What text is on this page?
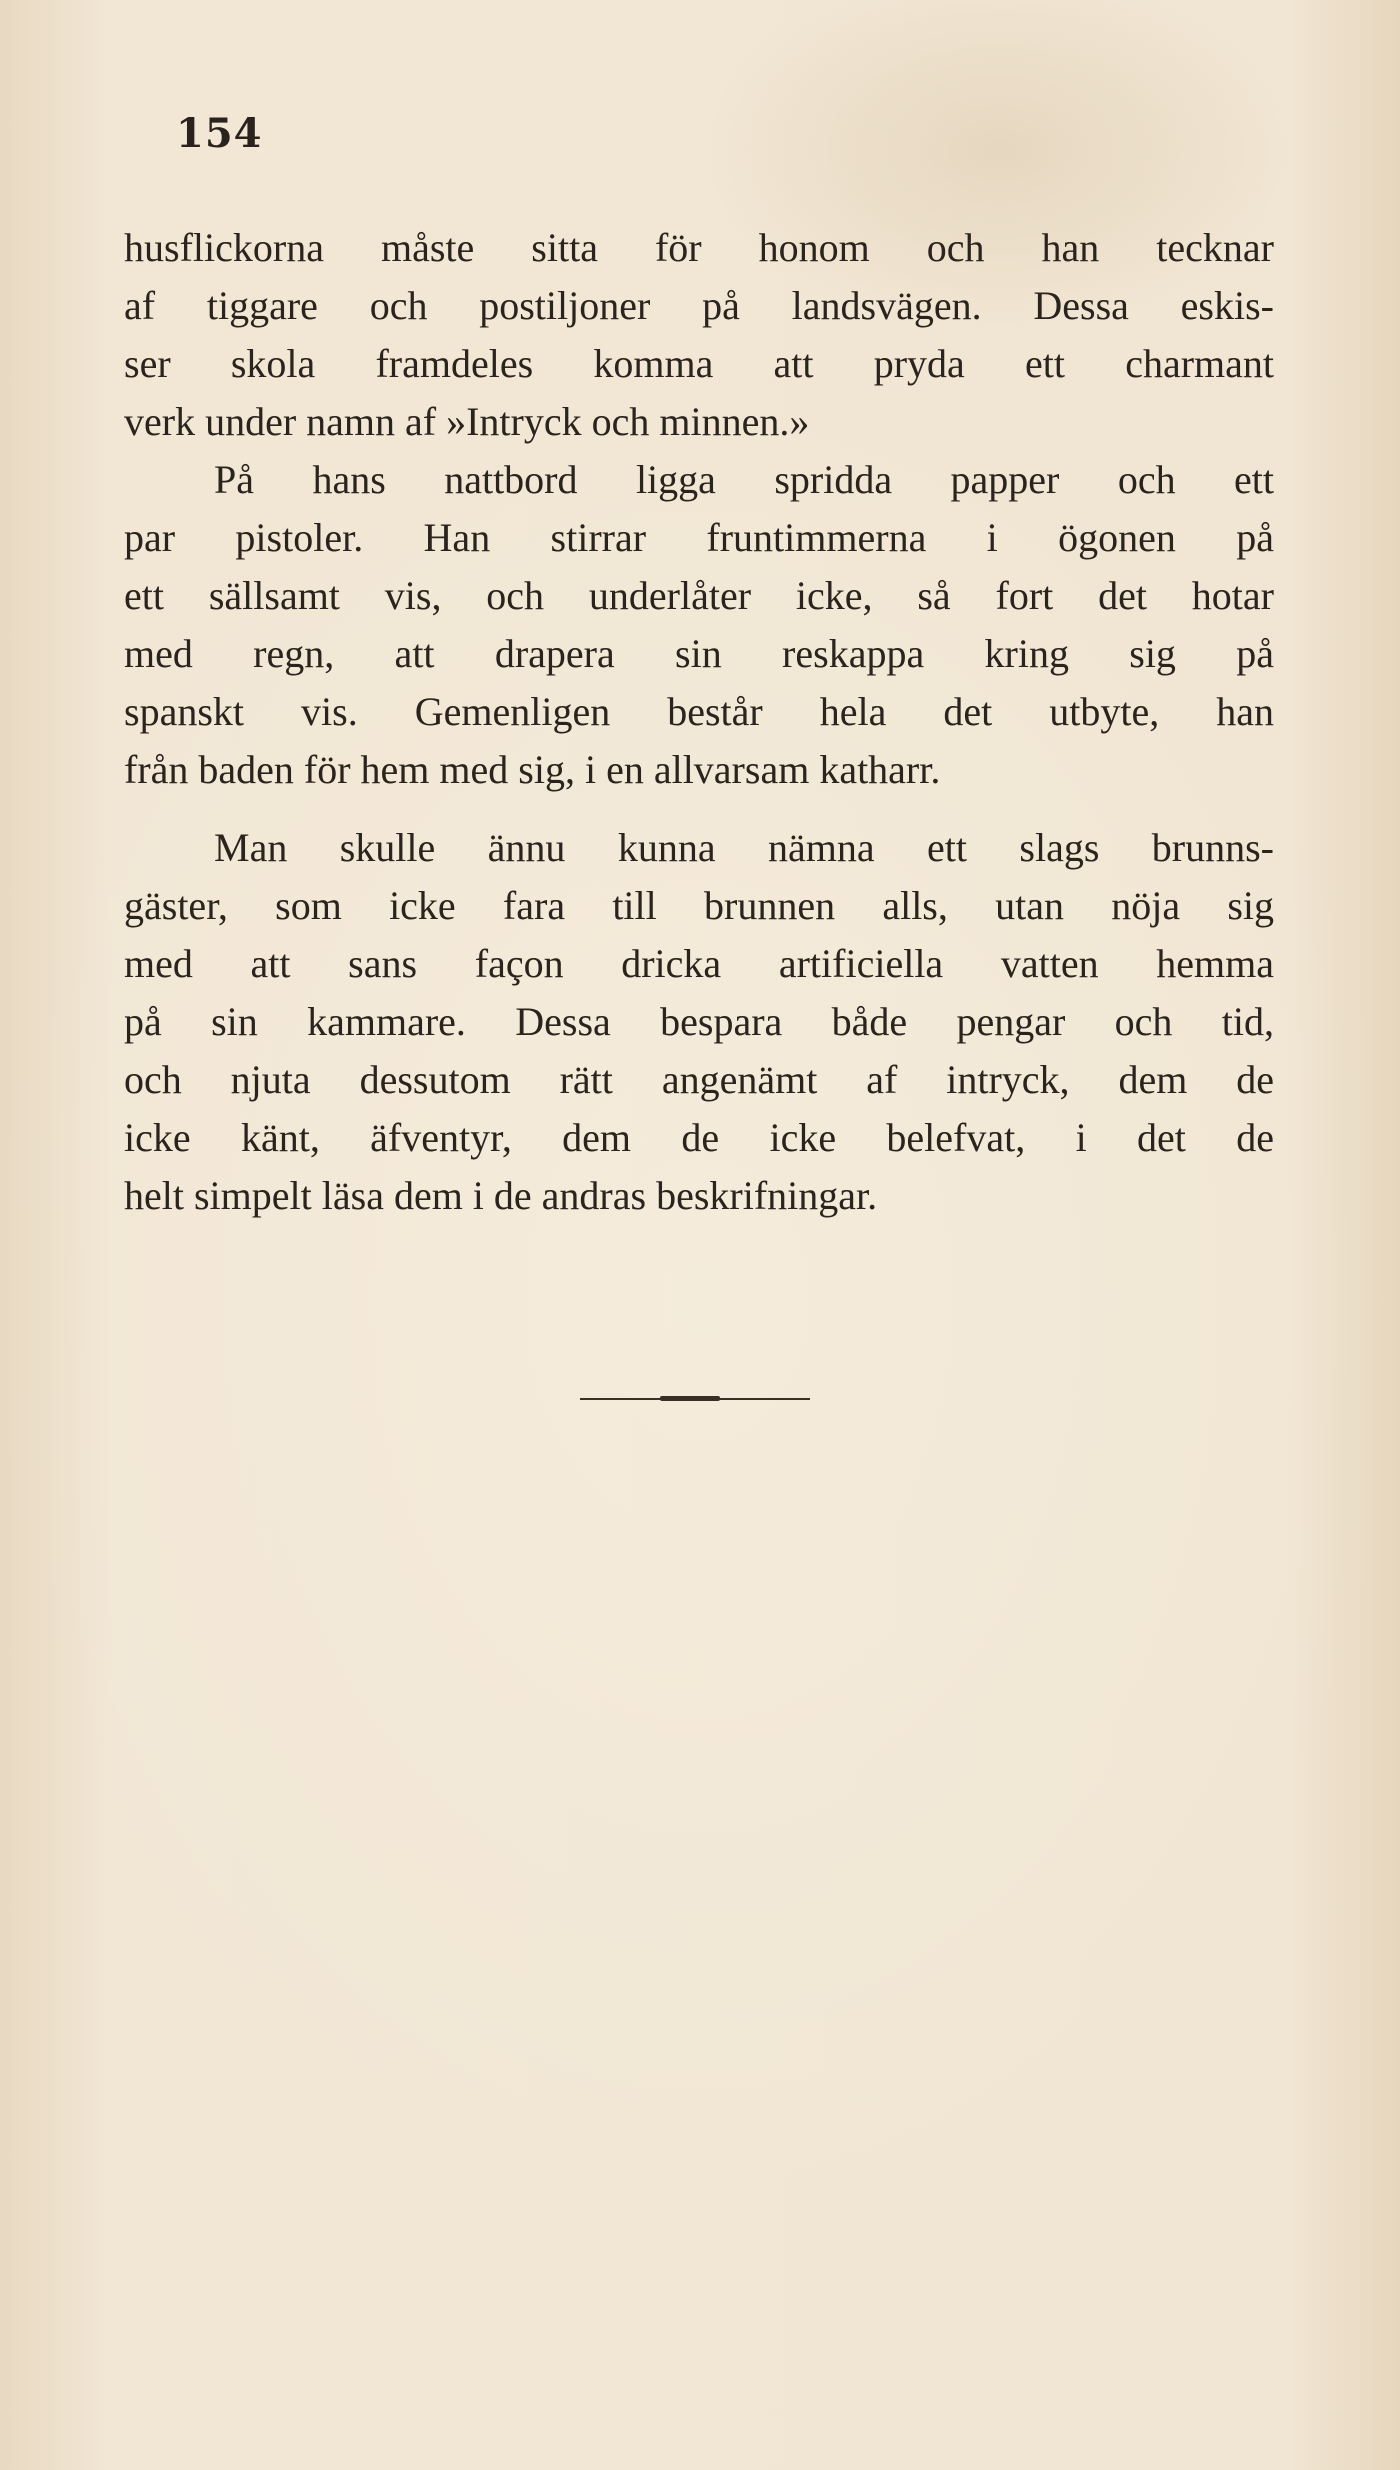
154
husflickorna måste sitta för honom och han tecknar
af tiggare och postiljoner på landsvägen. Dessa eskis-
ser skola framdeles komma att pryda ett charmant
verk under namn af »Intryck och minnen.»
På hans nattbord ligga spridda papper och ett
par pistoler. Han stirrar fruntimmerna i ögonen på
ett sällsamt vis, och underlåter icke, så fort det hotar
med regn, att drapera sin reskappa kring sig på
spanskt vis. Gemenligen består hela det utbyte, han
från baden för hem med sig, i en allvarsam katharr.
Man skulle ännu kunna nämna ett slags brunns-
gäster, som icke fara till brunnen alls, utan nöja sig
med att sans façon dricka artificiella vatten hemma
på sin kammare. Dessa bespara både pengar och tid,
och njuta dessutom rätt angenämt af intryck, dem de
icke känt, äfventyr, dem de icke belefvat, i det de
helt simpelt läsa dem i de andras beskrifningar.
